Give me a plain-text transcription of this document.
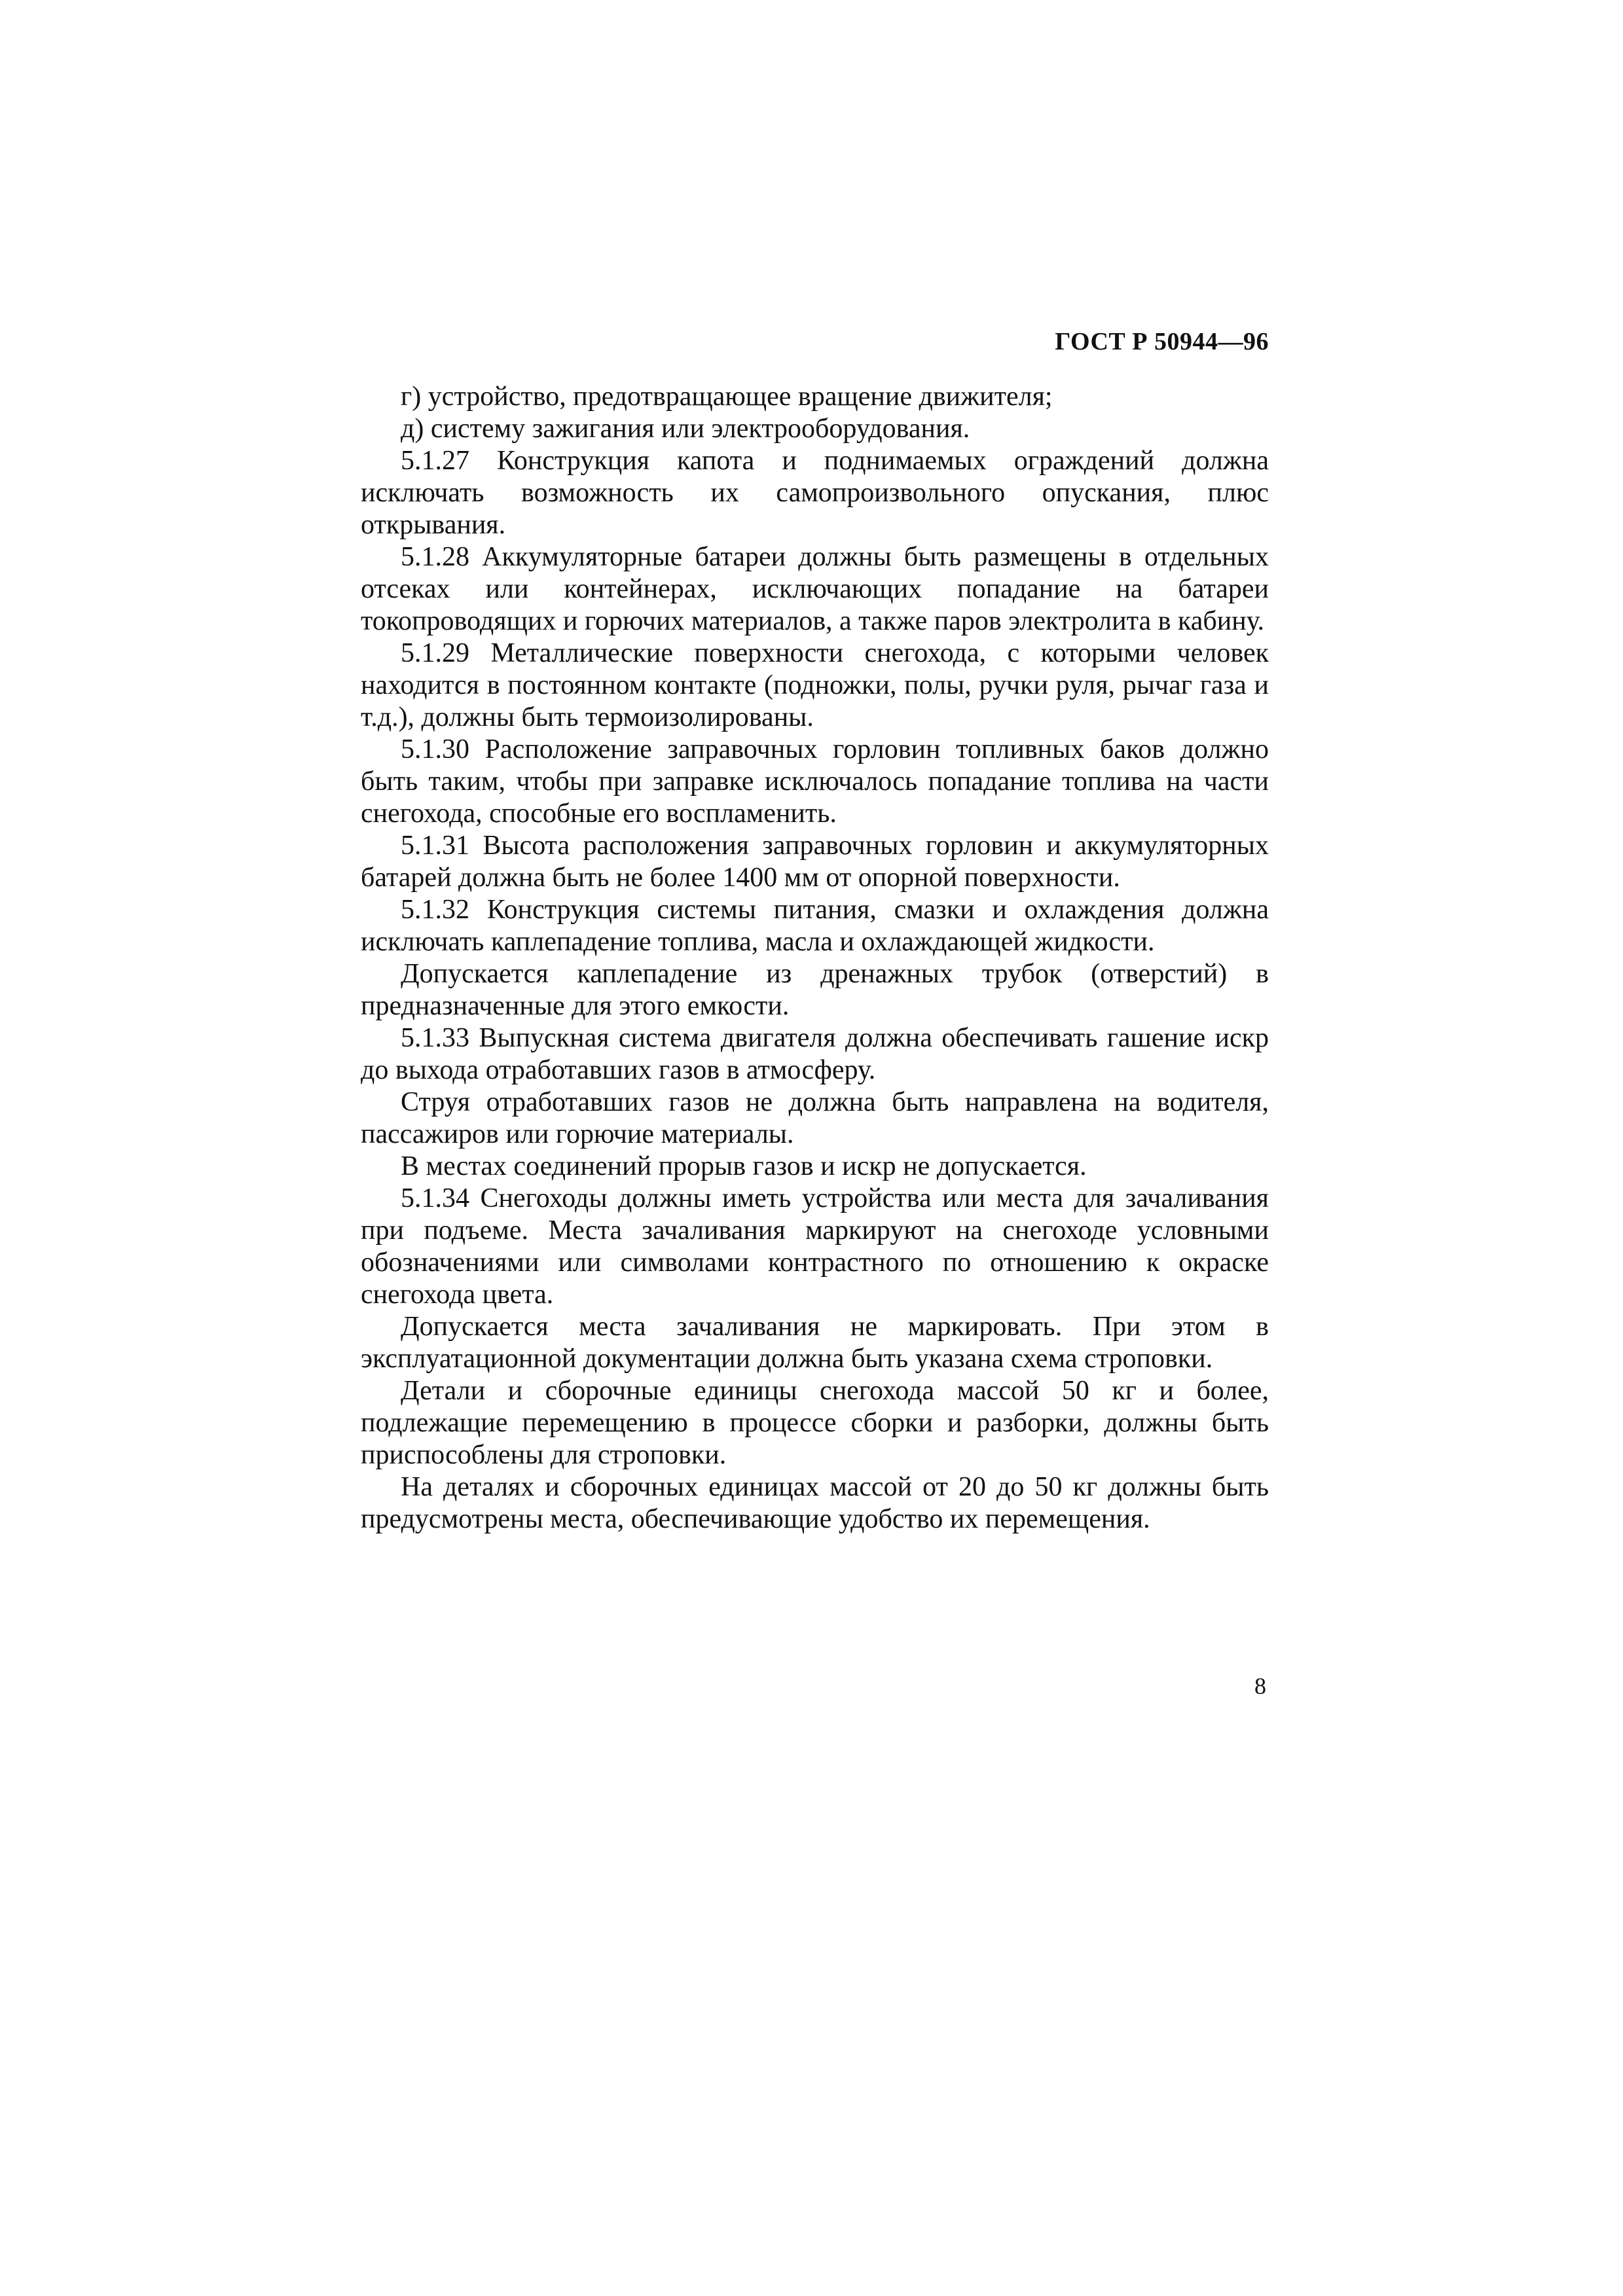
ГОСТ Р 50944—96

г) устройство, предотвращающее вращение движителя;

д) систему зажигания или электрооборудования.

5.1.27 Конструкция капота и поднимаемых ограждений должна исключать возможность их самопроизвольного опускания, плюс открывания.

5.1.28 Аккумуляторные батареи должны быть размещены в отдельных отсеках или контейнерах, исключающих попадание на батареи токопроводящих и горючих материалов, а также паров электролита в кабину.

5.1.29 Металлические поверхности снегохода, с которыми человек находится в постоянном контакте (подножки, полы, ручки руля, рычаг газа и т.д.), должны быть термоизолированы.

5.1.30 Расположение заправочных горловин топливных баков должно быть таким, чтобы при заправке исключалось попадание топлива на части снегохода, способные его воспламенить.

5.1.31 Высота расположения заправочных горловин и аккумуляторных батарей должна быть не более 1400 мм от опорной поверхности.

5.1.32 Конструкция системы питания, смазки и охлаждения должна исключать каплепадение топлива, масла и охлаждающей жидкости.

Допускается каплепадение из дренажных трубок (отверстий) в предназначенные для этого емкости.

5.1.33 Выпускная система двигателя должна обеспечивать гашение искр до выхода отработавших газов в атмосферу.

Струя отработавших газов не должна быть направлена на водителя, пассажиров или горючие материалы.

В местах соединений прорыв газов и искр не допускается.

5.1.34 Снегоходы должны иметь устройства или места для зачаливания при подъеме. Места зачаливания маркируют на снегоходе условными обозначениями или символами контрастного по отношению к окраске снегохода цвета.

Допускается места зачаливания не маркировать. При этом в эксплуатационной документации должна быть указана схема строповки.

Детали и сборочные единицы снегохода массой 50 кг и более, подлежащие перемещению в процессе сборки и разборки, должны быть приспособлены для строповки.

На деталях и сборочных единицах массой от 20 до 50 кг должны быть предусмотрены места, обеспечивающие удобство их перемещения.

8
